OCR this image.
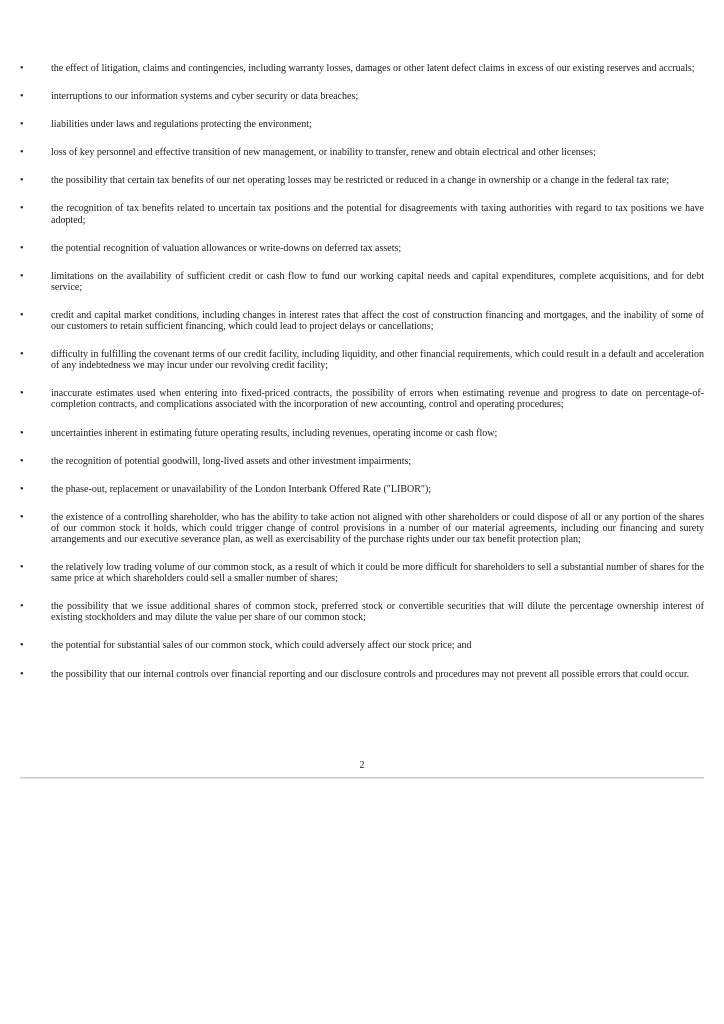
•	the effect of litigation, claims and contingencies, including warranty losses, damages or other latent defect claims in excess of our existing reserves and accruals;
•	interruptions to our information systems and cyber security or data breaches;
•	liabilities under laws and regulations protecting the environment;
•	loss of key personnel and effective transition of new management, or inability to transfer, renew and obtain electrical and other licenses;
•	the possibility that certain tax benefits of our net operating losses may be restricted or reduced in a change in ownership or a change in the federal tax rate;
•	the recognition of tax benefits related to uncertain tax positions and the potential for disagreements with taxing authorities with regard to tax positions we have adopted;
•	the potential recognition of valuation allowances or write-downs on deferred tax assets;
•	limitations on the availability of sufficient credit or cash flow to fund our working capital needs and capital expenditures, complete acquisitions, and for debt service;
•	credit and capital market conditions, including changes in interest rates that affect the cost of construction financing and mortgages, and the inability of some of our customers to retain sufficient financing, which could lead to project delays or cancellations;
•	difficulty in fulfilling the covenant terms of our credit facility, including liquidity, and other financial requirements, which could result in a default and acceleration of any indebtedness we may incur under our revolving credit facility;
•	inaccurate estimates used when entering into fixed-priced contracts, the possibility of errors when estimating revenue and progress to date on percentage-of-completion contracts, and complications associated with the incorporation of new accounting, control and operating procedures;
•	uncertainties inherent in estimating future operating results, including revenues, operating income or cash flow;
•	the recognition of potential goodwill, long-lived assets and other investment impairments;
•	the phase-out, replacement or unavailability of the London Interbank Offered Rate ("LIBOR");
•	the existence of a controlling shareholder, who has the ability to take action not aligned with other shareholders or could dispose of all or any portion of the shares of our common stock it holds, which could trigger change of control provisions in a number of our material agreements, including our financing and surety arrangements and our executive severance plan, as well as exercisability of the purchase rights under our tax benefit protection plan;
•	the relatively low trading volume of our common stock, as a result of which it could be more difficult for shareholders to sell a substantial number of shares for the same price at which shareholders could sell a smaller number of shares;
•	the possibility that we issue additional shares of common stock, preferred stock or convertible securities that will dilute the percentage ownership interest of existing stockholders and may dilute the value per share of our common stock;
•	the potential for substantial sales of our common stock, which could adversely affect our stock price; and
•	the possibility that our internal controls over financial reporting and our disclosure controls and procedures may not prevent all possible errors that could occur.
2
